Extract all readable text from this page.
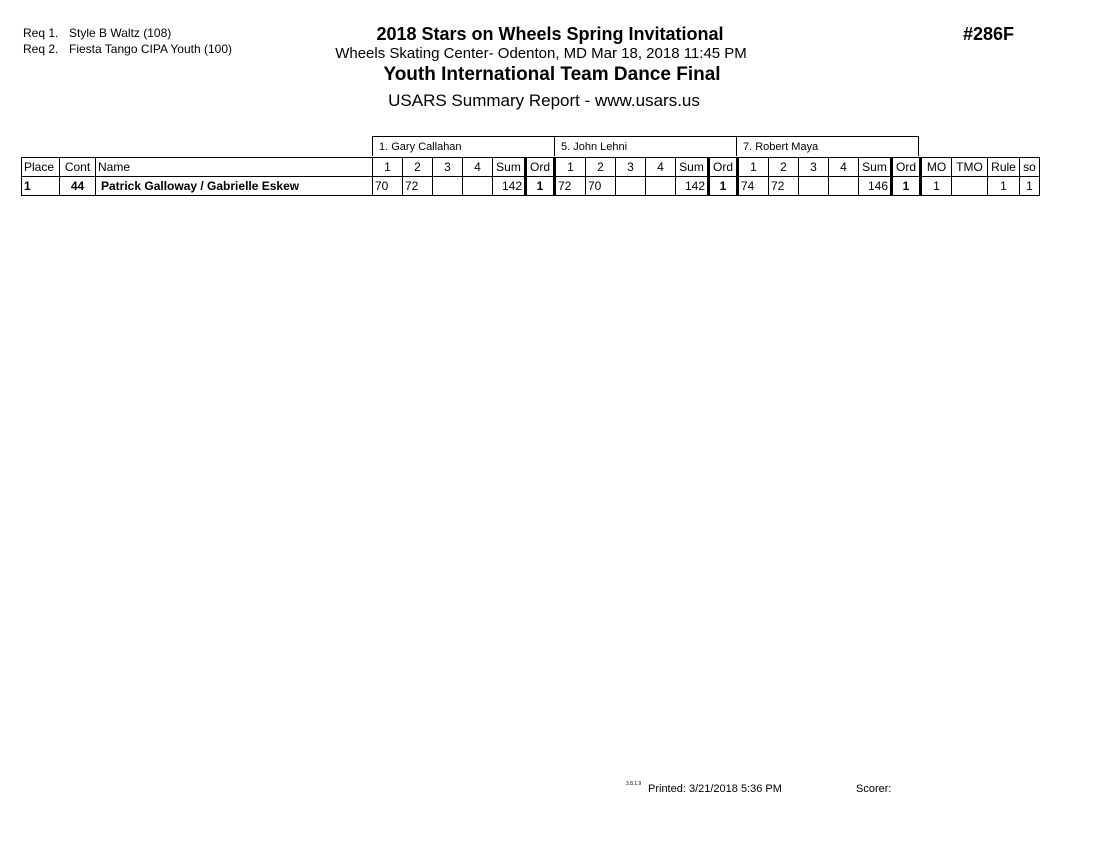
Req 1. Style B Waltz (108)
Req 2. Fiesta Tango CIPA Youth (100)
2018 Stars on Wheels Spring Invitational
Wheels Skating Center- Odenton, MD Mar 18, 2018 11:45 PM
Youth International Team Dance Final
USARS Summary Report - www.usars.us
#286F
1. Gary Callahan	5. John Lehni	7. Robert Maya
Place	Cont	Name	1	2	3	4	Sum	Ord	1	2	3	4	Sum	Ord	1	2	3	4	Sum	Ord	MO	TMO	Rule	so
1	44	Patrick Galloway / Gabrielle Eskew	70	72			142	1	72	70			142	1	74	72			146	1	1		1	1
3.8.1.9 Printed: 3/21/2018 5:36 PM	Scorer:
